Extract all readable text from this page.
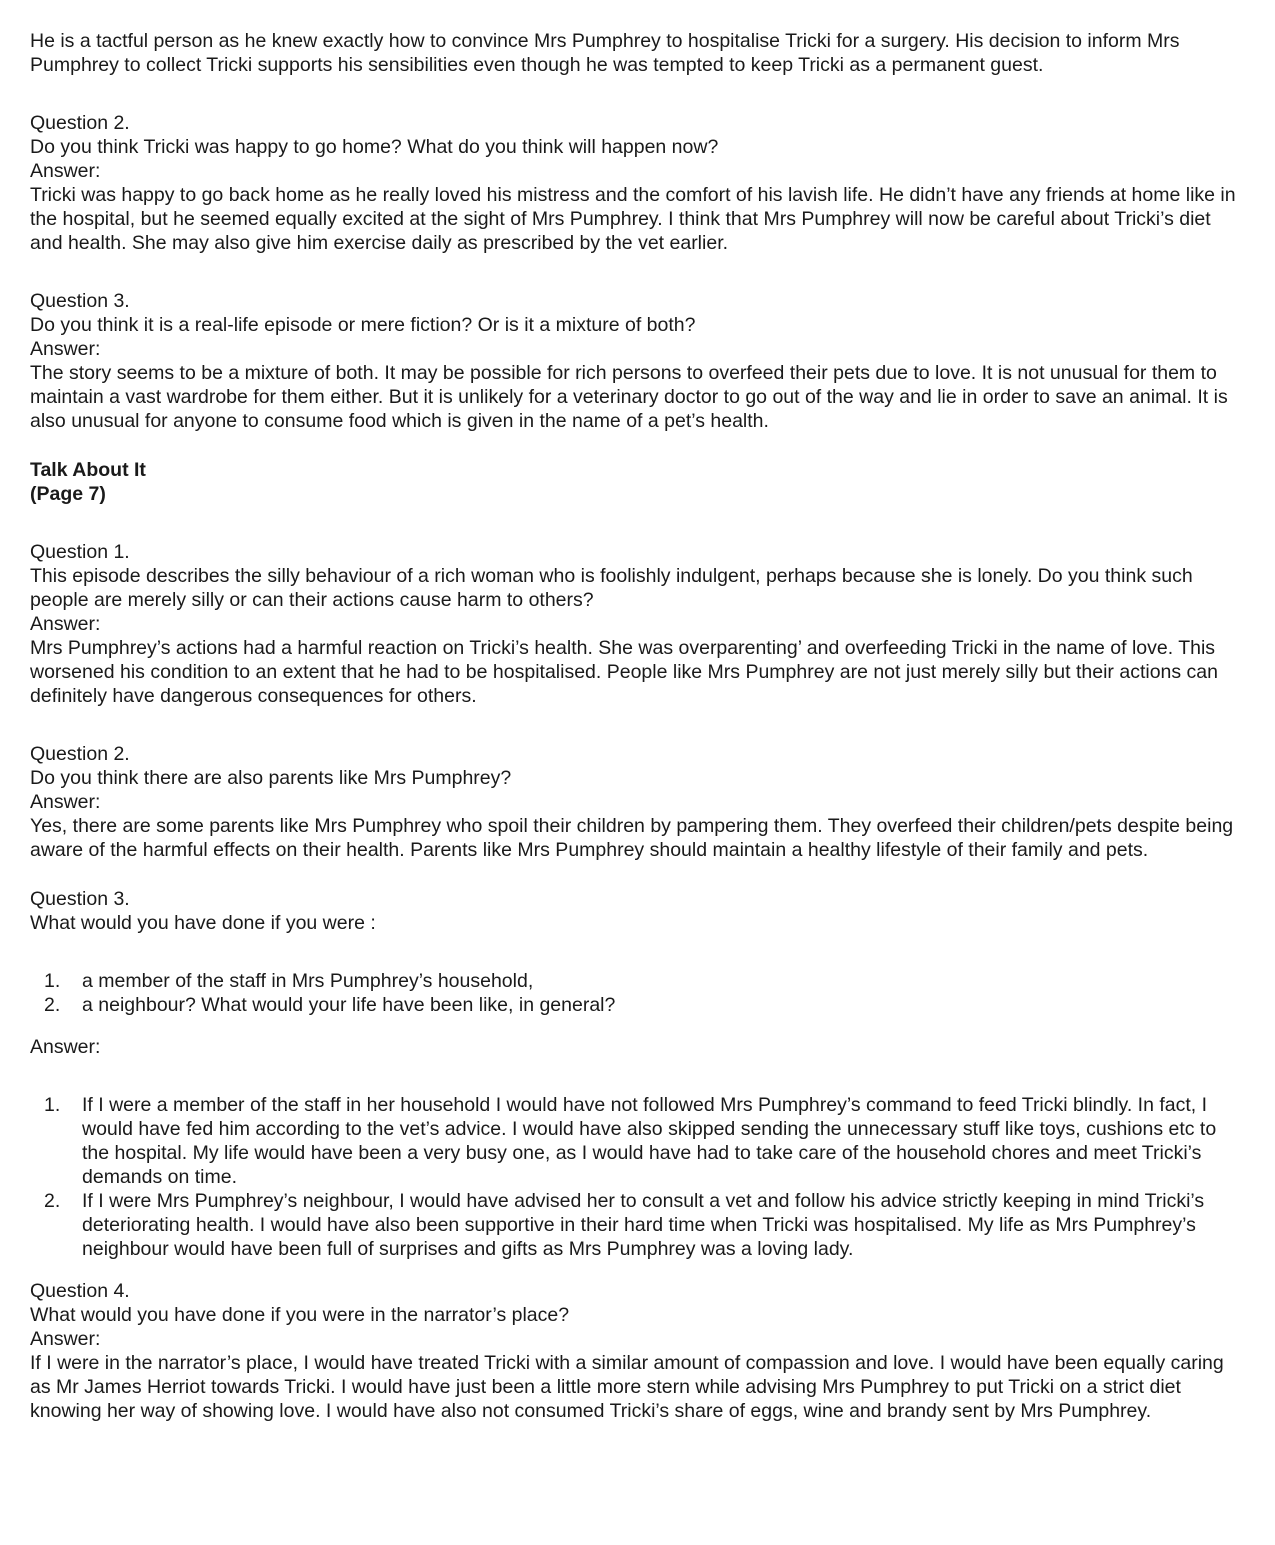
He is a tactful person as he knew exactly how to convince Mrs Pumphrey to hospitalise Tricki for a surgery. His decision to inform Mrs Pumphrey to collect Tricki supports his sensibilities even though he was tempted to keep Tricki as a permanent guest.

Question 2.

Do you think Tricki was happy to go home? What do you think will happen now?

Answer:

Tricki was happy to go back home as he really loved his mistress and the comfort of his lavish life. He didn’t have any friends at home like in the hospital, but he seemed equally excited at the sight of Mrs Pumphrey. I think that Mrs Pumphrey will now be careful about Tricki’s diet and health. She may also give him exercise daily as prescribed by the vet earlier.

Question 3.

Do you think it is a real-life episode or mere fiction? Or is it a mixture of both?

Answer:

The story seems to be a mixture of both. It may be possible for rich persons to overfeed their pets due to love. It is not unusual for them to maintain a vast wardrobe for them either. But it is unlikely for a veterinary doctor to go out of the way and lie in order to save an animal. It is also unusual for anyone to consume food which is given in the name of a pet’s health.

Talk About It

(Page 7)

Question 1.

This episode describes the silly behaviour of a rich woman who is foolishly indulgent, perhaps because she is lonely. Do you think such people are merely silly or can their actions cause harm to others?

Answer:

Mrs Pumphrey’s actions had a harmful reaction on Tricki’s health. She was overparenting’ and overfeeding Tricki in the name of love. This worsened his condition to an extent that he had to be hospitalised. People like Mrs Pumphrey are not just merely silly but their actions can definitely have dangerous consequences for others.

Question 2.

Do you think there are also parents like Mrs Pumphrey?

Answer:

Yes, there are some parents like Mrs Pumphrey who spoil their children by pampering them. They overfeed their children/pets despite being aware of the harmful effects on their health. Parents like Mrs Pumphrey should maintain a healthy lifestyle of their family and pets.

Question 3.

What would you have done if you were :

1. a member of the staff in Mrs Pumphrey’s household,
2. a neighbour? What would your life have been like, in general?

Answer:

1. If I were a member of the staff in her household I would have not followed Mrs Pumphrey’s command to feed Tricki blindly. In fact, I would have fed him according to the vet’s advice. I would have also skipped sending the unnecessary stuff like toys, cushions etc to the hospital. My life would have been a very busy one, as I would have had to take care of the household chores and meet Tricki’s demands on time.
2. If I were Mrs Pumphrey’s neighbour, I would have advised her to consult a vet and follow his advice strictly keeping in mind Tricki’s deteriorating health. I would have also been supportive in their hard time when Tricki was hospitalised. My life as Mrs Pumphrey’s neighbour would have been full of surprises and gifts as Mrs Pumphrey was a loving lady.

Question 4.

What would you have done if you were in the narrator’s place?

Answer:

If I were in the narrator’s place, I would have treated Tricki with a similar amount of compassion and love. I would have been equally caring as Mr James Herriot towards Tricki. I would have just been a little more stern while advising Mrs Pumphrey to put Tricki on a strict diet knowing her way of showing love. I would have also not consumed Tricki’s share of eggs, wine and brandy sent by Mrs Pumphrey.
